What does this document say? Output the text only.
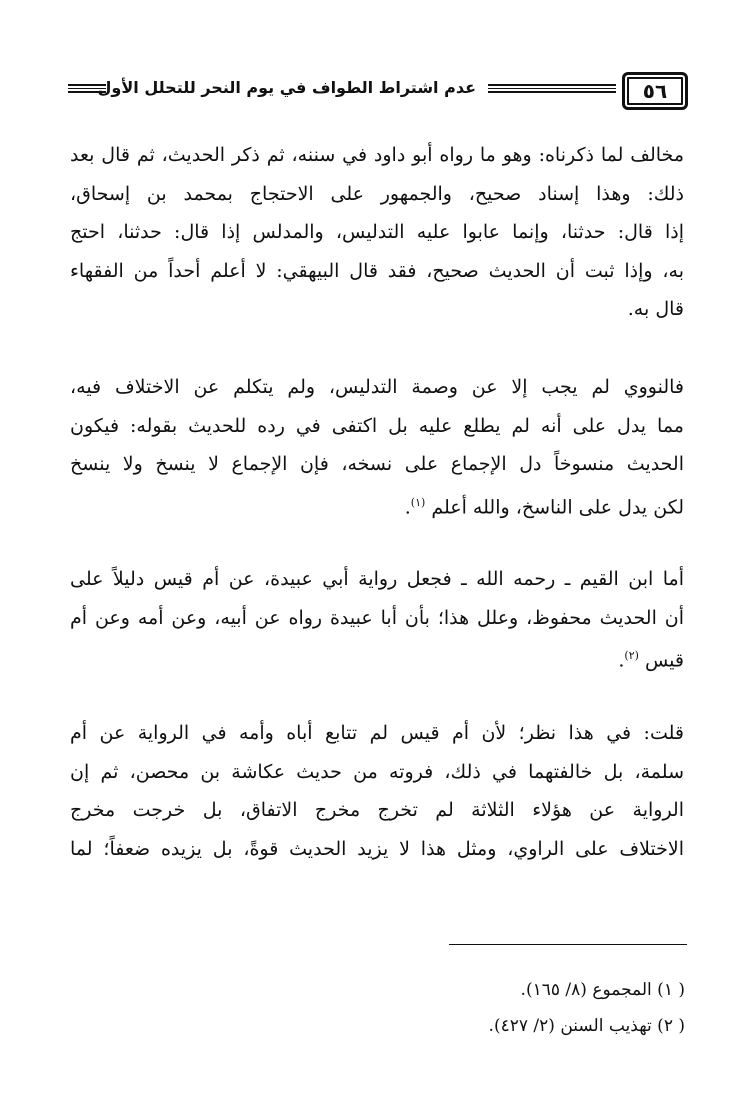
٥٦
عدم اشتراط الطواف في يوم النحر للتحلل الأول

مخالف لما ذكرناه: وهو ما رواه أبو داود في سننه، ثم ذكر الحديث، ثم قال بعد

ذلك: وهذا إسناد صحيح، والجمهور على الاحتجاج بمحمد بن إسحاق،

إذا قال: حدثنا، وإنما عابوا عليه التدليس، والمدلس إذا قال: حدثنا، احتج

به، وإذا ثبت أن الحديث صحيح، فقد قال البيهقي: لا أعلم أحداً من الفقهاء

قال به.

فالنووي لم يجب إلا عن وصمة التدليس، ولم يتكلم عن الاختلاف فيه،

مما يدل على أنه لم يطلع عليه بل اكتفى في رده للحديث بقوله: فيكون

الحديث منسوخاً دل الإجماع على نسخه، فإن الإجماع لا ينسخ ولا ينسخ

لكن يدل على الناسخ، والله أعلم $^{(١)}$.

أما ابن القيم ـ رحمه الله ـ فجعل رواية أبي عبيدة، عن أم قيس دليلاً على

أن الحديث محفوظ، وعلل هذا؛ بأن أبا عبيدة رواه عن أبيه، وعن أمه وعن أم

قيس $^{(٢)}$.

قلت: في هذا نظر؛ لأن أم قيس لم تتابع أباه وأمه في الرواية عن أم

سلمة، بل خالفتهما في ذلك، فروته من حديث عكاشة بن محصن، ثم إن

الرواية عن هؤلاء الثلاثة لم تخرج مخرج الاتفاق، بل خرجت مخرج

الاختلاف على الراوي، ومثل هذا لا يزيد الحديث قوةً، بل يزيده ضعفاً؛ لما

( ١) المجموع (٨/ ١٦٥).
( ٢) تهذيب السنن (٢/ ٤٢٧).
